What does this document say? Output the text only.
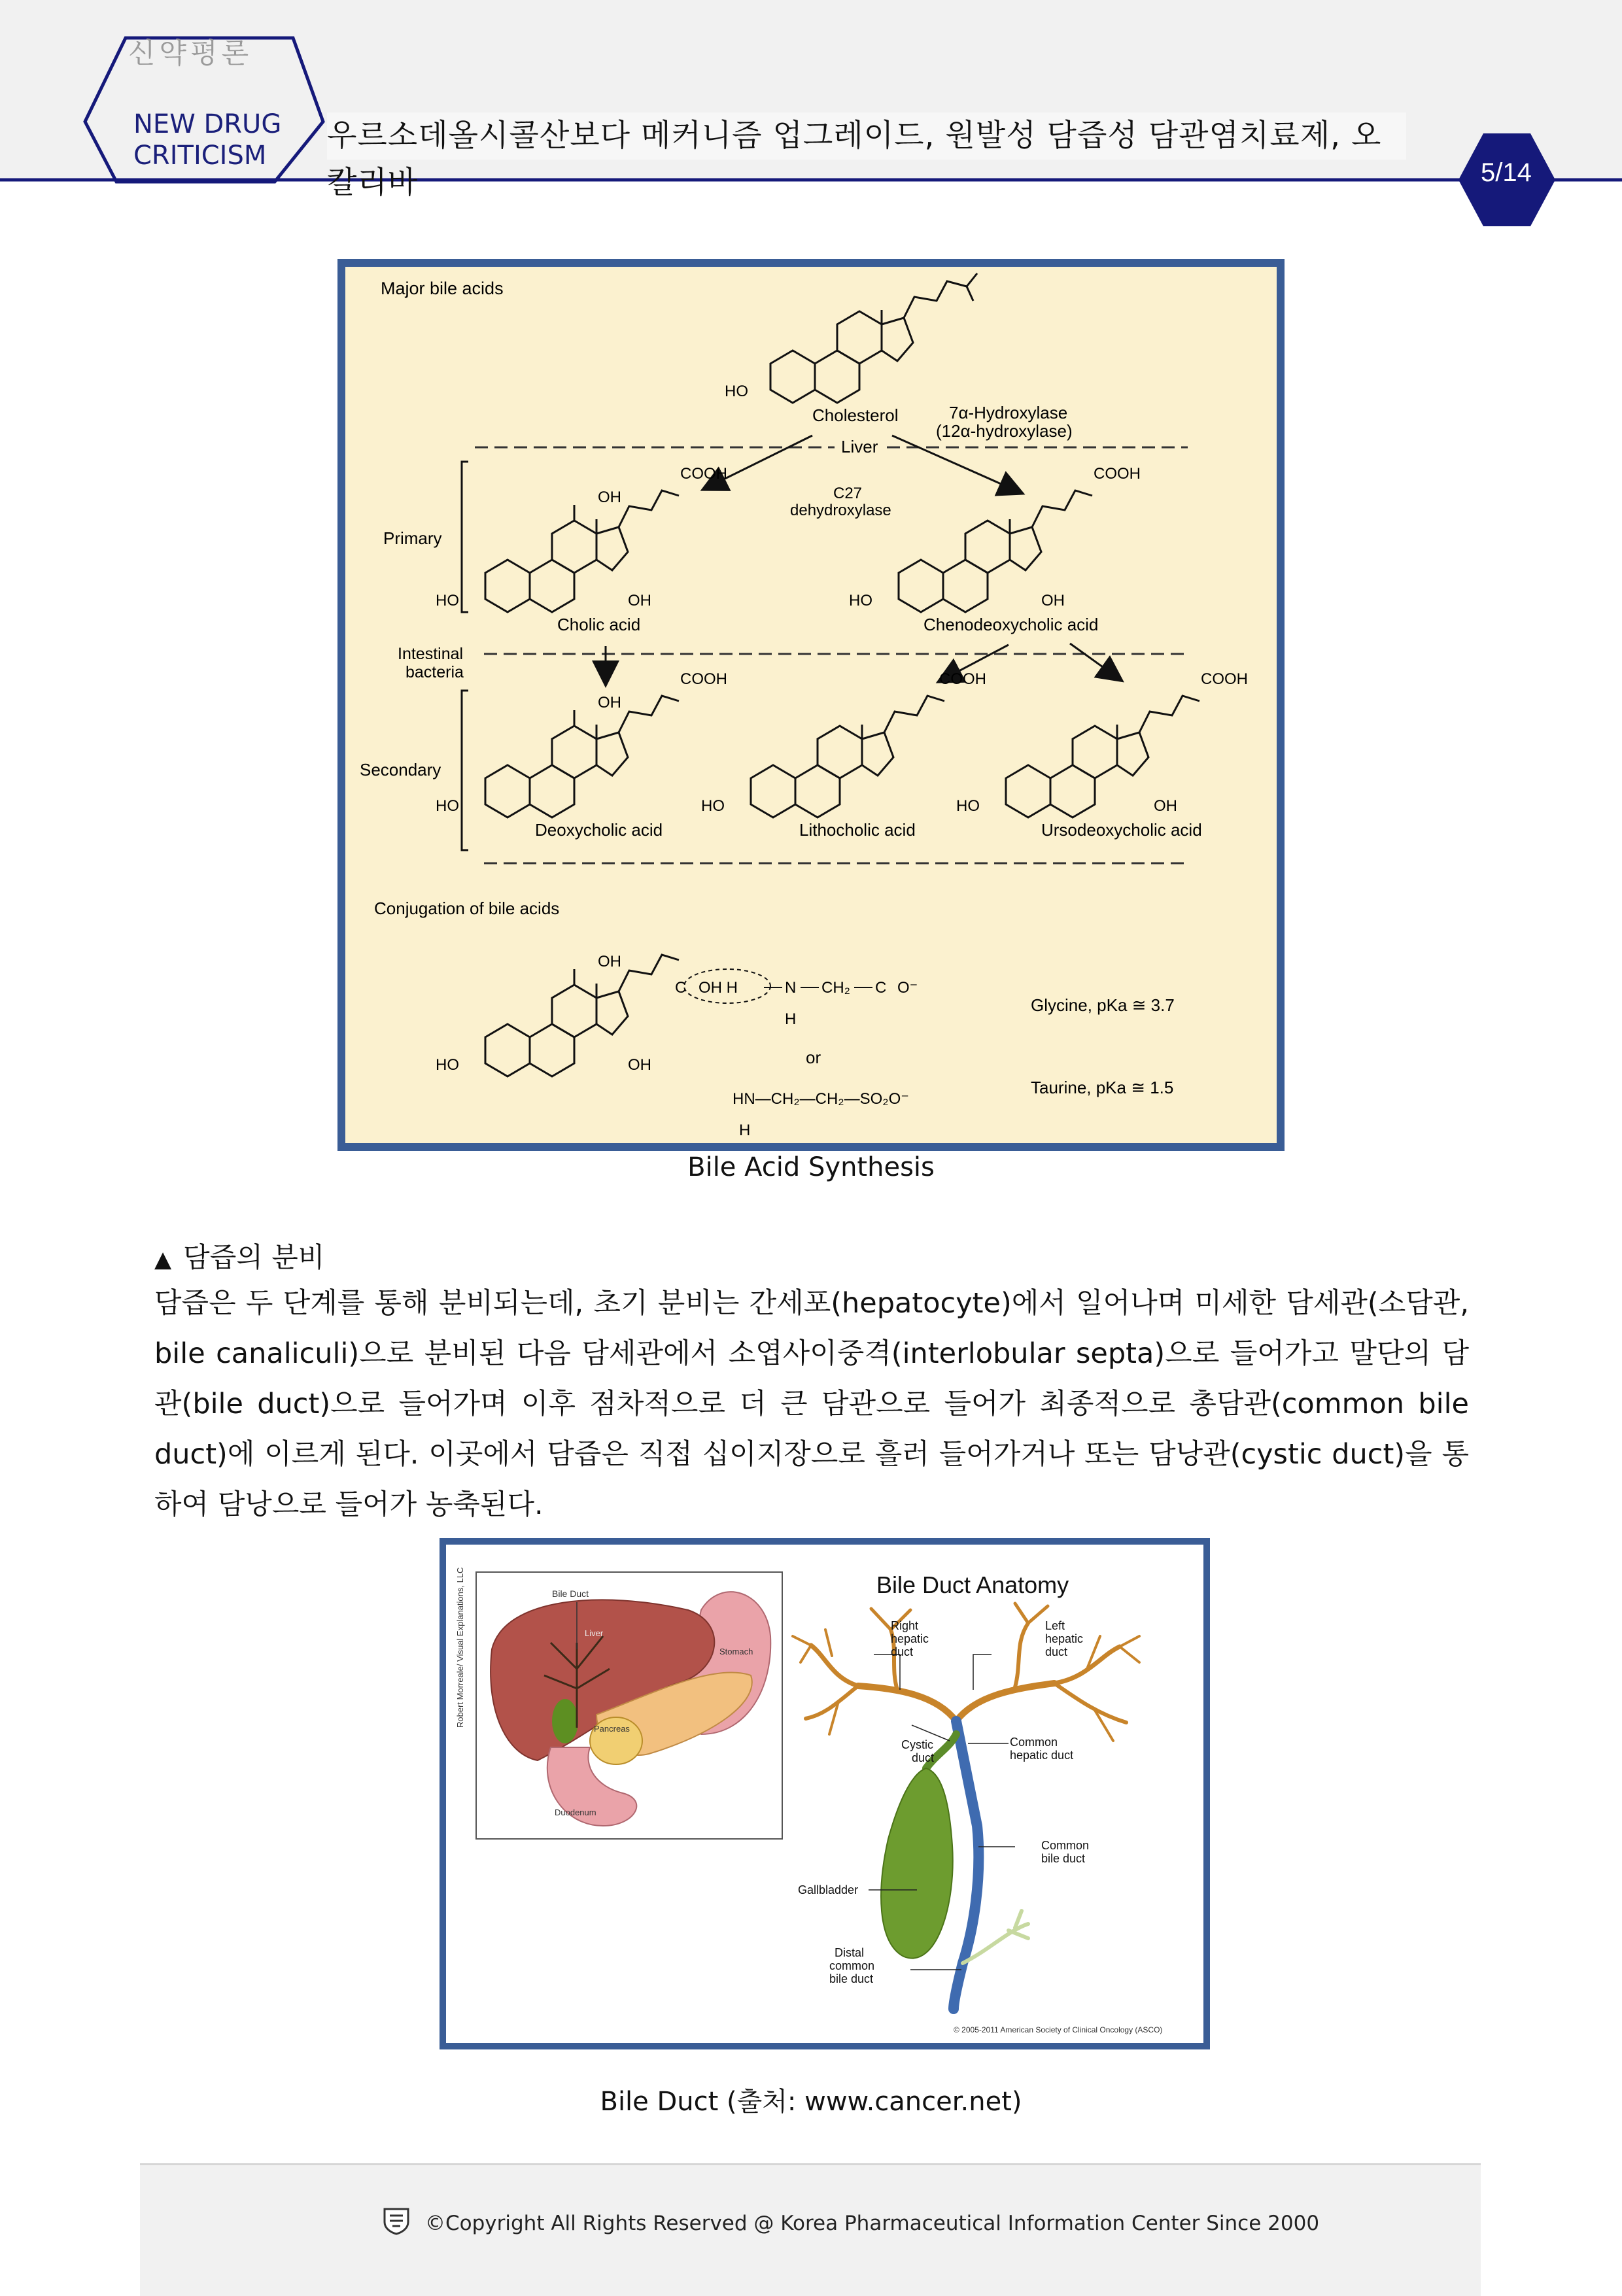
신약평론
NEW DRUG
CRITICISM
우르소데올시콜산보다 메커니즘 업그레이드, 원발성 담즙성 담관염치료제, 오칼리바	5/14
Major bile acids
HO
Cholesterol	7α-Hydroxylase
(12α-hydroxylase)
Liver
Primary
C27
dehydroxylase
OH
COOH
HO	OH
Cholic acid
COOH
HO	OH
Chenodeoxycholic acid
Intestinal
bacteria
Secondary
OH
COOH
HO
Deoxycholic acid
COOH
HO
Lithocholic acid
COOH
HO	OH
Ursodeoxycholic acid
Conjugation of bile acids
OH
HO	OH
C OH H	N CH₂ C O⁻
H
or
HN—CH₂—CH₂—SO₂O⁻
H
Glycine, pKa ≅ 3.7
Taurine, pKa ≅ 1.5
Bile Acid Synthesis
▲ 담즙의 분비
담즙은 두 단계를 통해 분비되는데, 초기 분비는 간세포(hepatocyte)에서 일어나며 미세한 담세관(소담관, bile canaliculi)으로 분비된 다음 담세관에서 소엽사이중격(interlobular septa)으로 들어가고 말단의 담관(bile duct)으로 들어가며 이후 점차적으로 더 큰 담관으로 들어가 최종적으로 총담관(common bile duct)에 이르게 된다. 이곳에서 담즙은 직접 십이지장으로 흘러 들어가거나 또는 담낭관(cystic duct)을 통하여 담낭으로 들어가 농축된다.
Robert Morreale/ Visual Explanations, LLC	Bile Duct
Liver
Stomach
Pancreas
Duodenum
Bile Duct Anatomy
Right hepatic duct
Left hepatic duct
Cystic duct
Common hepatic duct
Common bile duct
Gallbladder
Distal common bile duct
© 2005-2011 American Society of Clinical Oncology (ASCO)
Bile Duct (출처: www.cancer.net)
©Copyright All Rights Reserved @ Korea Pharmaceutical Information Center Since 2000
